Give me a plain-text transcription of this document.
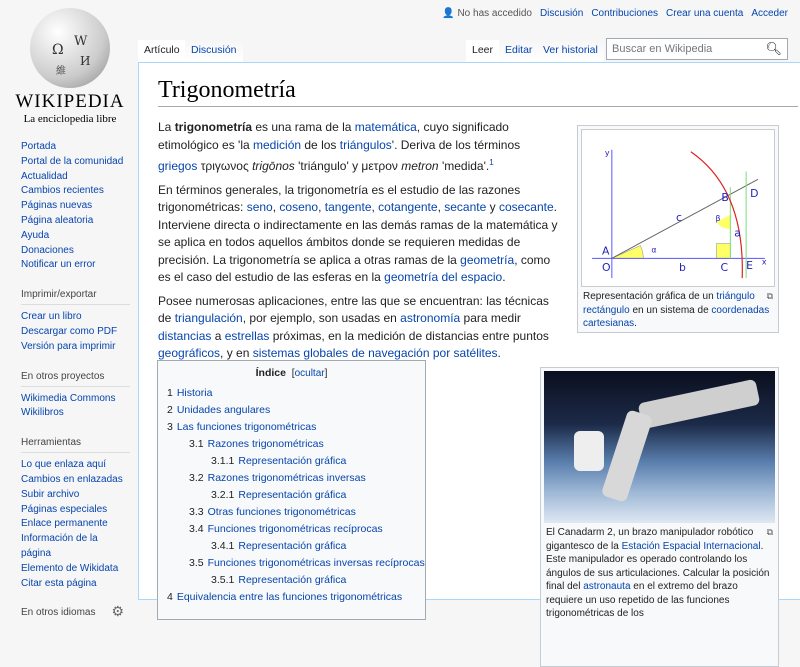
Ω
W
И
維
WIKIPEDIA
La enciclopedia libre
👤 No has accedido Discusión Contribuciones Crear una cuenta Acceder
Artículo	Discusión	Leer	Editar	Ver historial	Buscar en Wikipedia	🔍︎
Portada
Portal de la comunidad
Actualidad
Cambios recientes
Páginas nuevas
Página aleatoria
Ayuda
Donaciones
Notificar un error
Imprimir/exportar
Crear un libro
Descargar como PDF
Versión para imprimir
En otros proyectos
Wikimedia Commons
Wikilibros
Herramientas
Lo que enlaza aquí
Cambios en enlazadas
Subir archivo
Páginas especiales
Enlace permanente
Información de la página
Elemento de Wikidata
Citar esta página
En otros idiomas	⚙
Trigonometría

La trigonometría es una rama de la matemática, cuyo significado etimológico es 'la medición de los triángulos'. Deriva de los términos griegos τριγωνος trigōnos 'triángulo' y μετρον metron 'medida'.$^1$

En términos generales, la trigonometría es el estudio de las razones trigonométricas: seno, coseno, tangente, cotangente, secante y cosecante. Interviene directa o indirectamente en las demás ramas de la matemática y se aplica en todos aquellos ámbitos donde se requieren medidas de precisión. La trigonometría se aplica a otras ramas de la geometría, como es el caso del estudio de las esferas en la geometría del espacio.

Posee numerosas aplicaciones, entre las que se encuentran: las técnicas de triangulación, por ejemplo, son usadas en astronomía para medir distancias a estrellas próximas, en la medición de distancias entre puntos geográficos, y en sistemas globales de navegación por satélites.

y
x
A
O	b	C E
B D
c
a
α
β
⧉
Representación gráfica de un triángulo rectángulo en un sistema de coordenadas cartesianas.
⧉
El Canadarm 2, un brazo manipulador robótico gigantesco de la Estación Espacial Internacional. Este manipulador es operado controlando los ángulos de sus articulaciones. Calcular la posición final del astronauta en el extremo del brazo requiere un uso repetido de las funciones trigonométricas de los
Índice [ocultar]
1 Historia
2 Unidades angulares
3 Las funciones trigonométricas
3.1 Razones trigonométricas
3.1.1 Representación gráfica
3.2 Razones trigonométricas inversas
3.2.1 Representación gráfica
3.3 Otras funciones trigonométricas
3.4 Funciones trigonométricas recíprocas
3.4.1 Representación gráfica
3.5 Funciones trigonométricas inversas recíprocas
3.5.1 Representación gráfica
4 Equivalencia entre las funciones trigonométricas
